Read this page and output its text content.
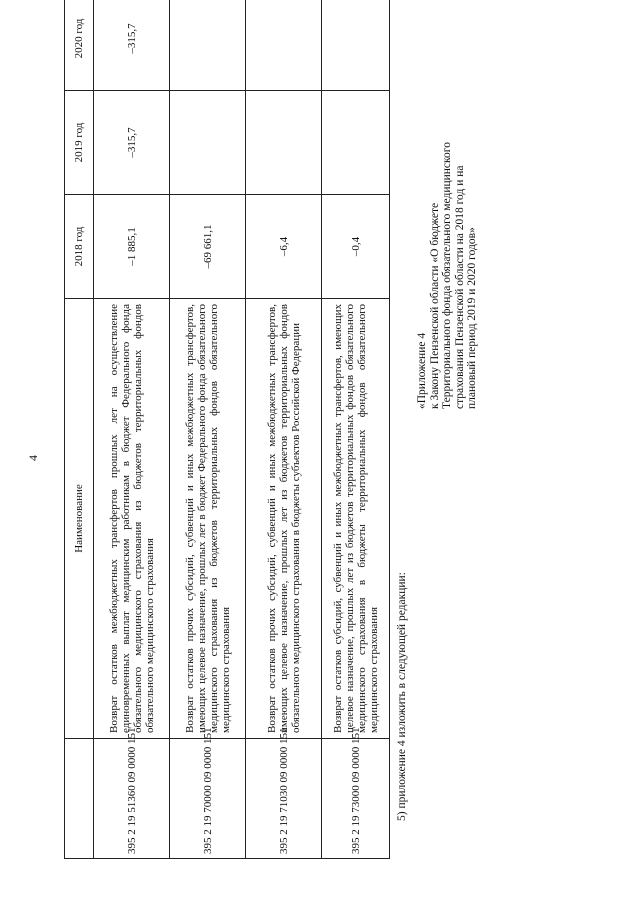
4
	Наименование	2018 год	2019 год	2020 год
395 2 19 51360 09 0000 151	Возврат остатков межбюджетных трансфертов прошлых лет на осуществление единовременных выплат медицинским работникам в бюджет Федерального фонда обязательного медицинского страхования из бюджетов территориальных фондов обязательного медицинского страхования	–1 885,1	–315,7	–315,7
395 2 19 70000 09 0000 151	Возврат остатков прочих субсидий, субвенций и иных межбюджетных трансфертов, имеющих целевое назначение, прошлых лет в бюджет Федерального фонда обязательного медицинского страхования из бюджетов территориальных фондов обязательного медицинского страхования	–69 661,1		
395 2 19 71030 09 0000 151	Возврат остатков прочих субсидий, субвенций и иных межбюджетных трансфертов, имеющих целевое назначение, прошлых лет из бюджетов территориальных фондов обязательного медицинского страхования в бюджеты субъектов Российской Федерации	–6,4		
395 2 19 73000 09 0000 151	Возврат остатков субсидий, субвенций и иных межбюджетных трансфертов, имеющих целевое назначение, прошлых лет из бюджетов территориальных фондов обязательного медицинского страхования в бюджеты территориальных фондов обязательного медицинского страхования	–0,4		
5) приложение 4 изложить в следующей редакции:
«Приложение 4 к Закону Пензенской области «О бюджете Территориального фонда обязательного медицинского страхования Пензенской области на 2018 год и на плановый период 2019 и 2020 годов»
